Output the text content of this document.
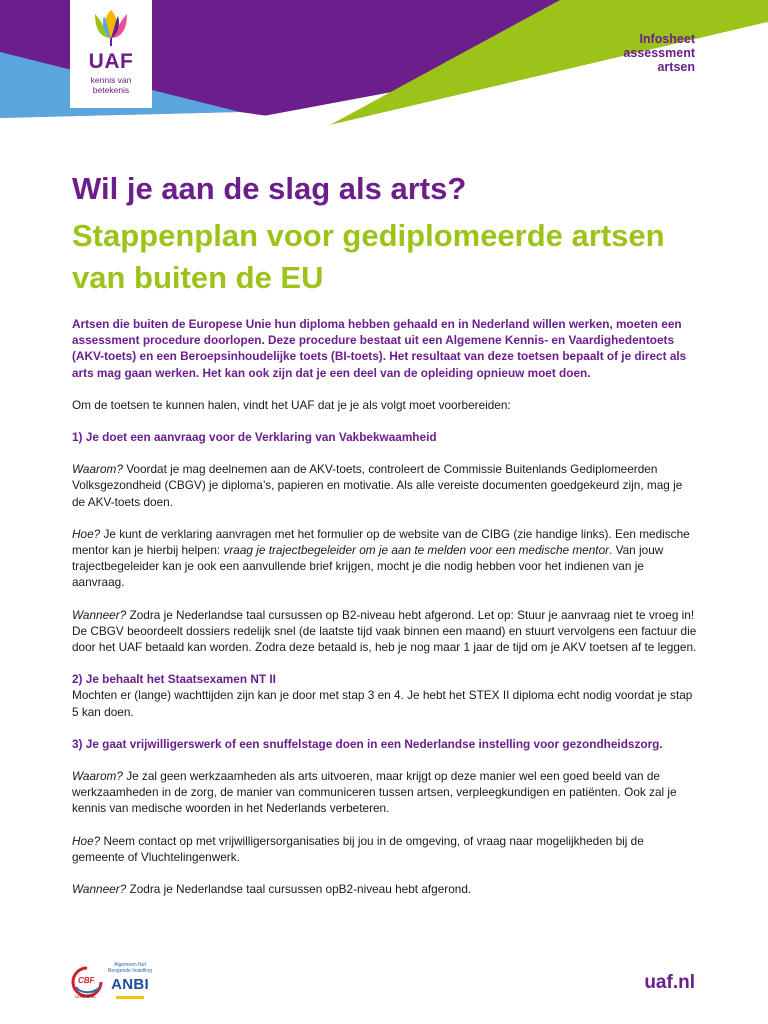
UAF
kennis van
betekenis
Infosheet
assessment
artsen
Wil je aan de slag als arts?
Stappenplan voor gediplomeerde artsen van buiten de EU

Artsen die buiten de Europese Unie hun diploma hebben gehaald en in Nederland willen werken, moeten een assessment procedure doorlopen. Deze procedure bestaat uit een Algemene Kennis- en Vaardighedentoets (AKV-toets) en een Beroepsinhoudelijke toets (BI-toets). Het resultaat van deze toetsen bepaalt of je direct als arts mag gaan werken. Het kan ook zijn dat je een deel van de opleiding opnieuw moet doen.

Om de toetsen te kunnen halen, vindt het UAF dat je je als volgt moet voorbereiden:

1) Je doet een aanvraag voor de Verklaring van Vakbekwaamheid

Waarom? Voordat je mag deelnemen aan de AKV-toets, controleert de Commissie Buitenlands Gediplomeerden Volksgezondheid (CBGV) je diploma’s, papieren en motivatie. Als alle vereiste documenten goedgekeurd zijn, mag je de AKV-toets doen.

Hoe? Je kunt de verklaring aanvragen met het formulier op de website van de CIBG (zie handige links). Een medische mentor kan je hierbij helpen: vraag je trajectbegeleider om je aan te melden voor een medische mentor. Van jouw trajectbegeleider kan je ook een aanvullende brief krijgen, mocht je die nodig hebben voor het indienen van je aanvraag.

Wanneer? Zodra je Nederlandse taal cursussen op B2-niveau hebt afgerond. Let op: Stuur je aanvraag niet te vroeg in! De CBGV beoordeelt dossiers redelijk snel (de laatste tijd vaak binnen een maand) en stuurt vervolgens een factuur die door het UAF betaald kan worden. Zodra deze betaald is, heb je nog maar 1 jaar de tijd om je AKV toetsen af te leggen.

2) Je behaalt het Staatsexamen NT II

Mochten er (lange) wachttijden zijn kan je door met stap 3 en 4. Je hebt het STEX II diploma echt nodig voordat je stap 5 kan doen.

3) Je gaat vrijwilligerswerk of een snuffelstage doen in een Nederlandse instelling voor gezondheidszorg.

Waarom? Je zal geen werkzaamheden als arts uitvoeren, maar krijgt op deze manier wel een goed beeld van de werkzaamheden in de zorg, de manier van communiceren tussen artsen, verpleegkundigen en patiënten. Ook zal je kennis van medische woorden in het Nederlands verbeteren.

Hoe? Neem contact op met vrijwilligersorganisaties bij jou in de omgeving, of vraag naar mogelijkheden bij de gemeente of Vluchtelingenwerk.

Wanneer? Zodra je Nederlandse taal cursussen opB2-niveau hebt afgerond.

CBF
GOED DOEL
Algemeen Nut
Beogende Instelling
ANBI	uaf.nl
